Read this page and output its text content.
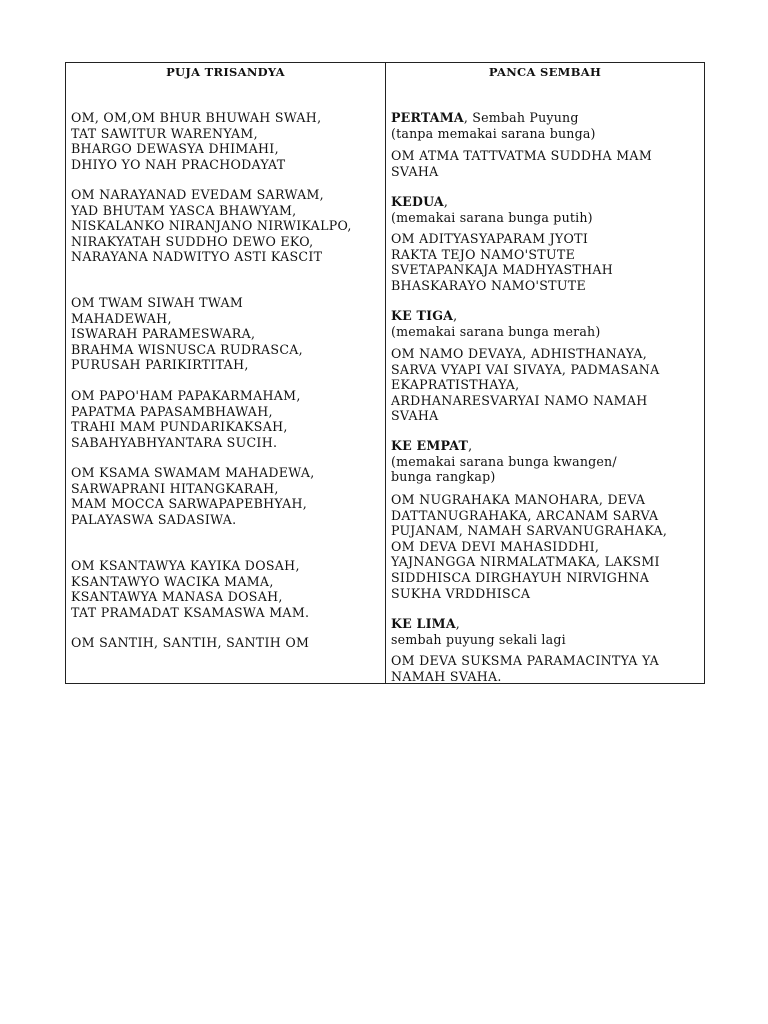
PUJA TRISANDYA
OM, OM,OM BHUR BHUWAH SWAH,
TAT SAWITUR WARENYAM,
BHARGO DEWASYA DHIMAHI,
DHIYO YO NAH PRACHODAYAT
OM NARAYANAD EVEDAM SARWAM,
YAD BHUTAM YASCA BHAWYAM,
NISKALANKO NIRANJANO NIRWIKALPO,
NIRAKYATAH SUDDHO DEWO EKO,
NARAYANA NADWITYO ASTI KASCIT
OM TWAM SIWAH TWAM
MAHADEWAH,
ISWARAH PARAMESWARA,
BRAHMA WISNUSCA RUDRASCA,
PURUSAH PARIKIRTITAH,
OM PAPO'HAM PAPAKARMAHAM,
PAPATMA PAPASAMBHAWAH,
TRAHI MAM PUNDARIKAKSAH,
SABAHYABHYANTARA SUCIH.
OM KSAMA SWAMAM MAHADEWA,
SARWAPRANI HITANGKARAH,
MAM MOCCA SARWAPAPEBHYAH,
PALAYASWA SADASIWA.
OM KSANTAWYA KAYIKA DOSAH,
KSANTAWYO WACIKA MAMA,
KSANTAWYA MANASA DOSAH,
TAT PRAMADAT KSAMASWA MAM.
OM SANTIH, SANTIH, SANTIH OM
PANCA SEMBAH
PERTAMA, Sembah Puyung
(tanpa memakai sarana bunga)
OM ATMA TATTVATMA SUDDHA MAM
SVAHA
KEDUA,
(memakai sarana bunga putih)
OM ADITYASYAPARAM JYOTI
RAKTA TEJO NAMO'STUTE
SVETAPANKAJA MADHYASTHAH
BHASKARAYO NAMO'STUTE
KE TIGA,
(memakai sarana bunga merah)
OM NAMO DEVAYA, ADHISTHANAYA,
SARVA VYAPI VAI SIVAYA, PADMASANA
EKAPRATISTHAYA,
ARDHANARESVARYAI NAMO NAMAH
SVAHA
KE EMPAT,
(memakai sarana bunga kwangen/
bunga rangkap)
OM NUGRAHAKA MANOHARA, DEVA
DATTANUGRAHAKA, ARCANAM SARVA
PUJANAM, NAMAH SARVANUGRAHAKA,
OM DEVA DEVI MAHASIDDHI,
YAJNANGGA NIRMALATMAKA, LAKSMI
SIDDHISCA DIRGHAYUH NIRVIGHNA
SUKHA VRDDHISCA
KE LIMA,
sembah puyung sekali lagi
OM DEVA SUKSMA PARAMACINTYA YA
NAMAH SVAHA.
